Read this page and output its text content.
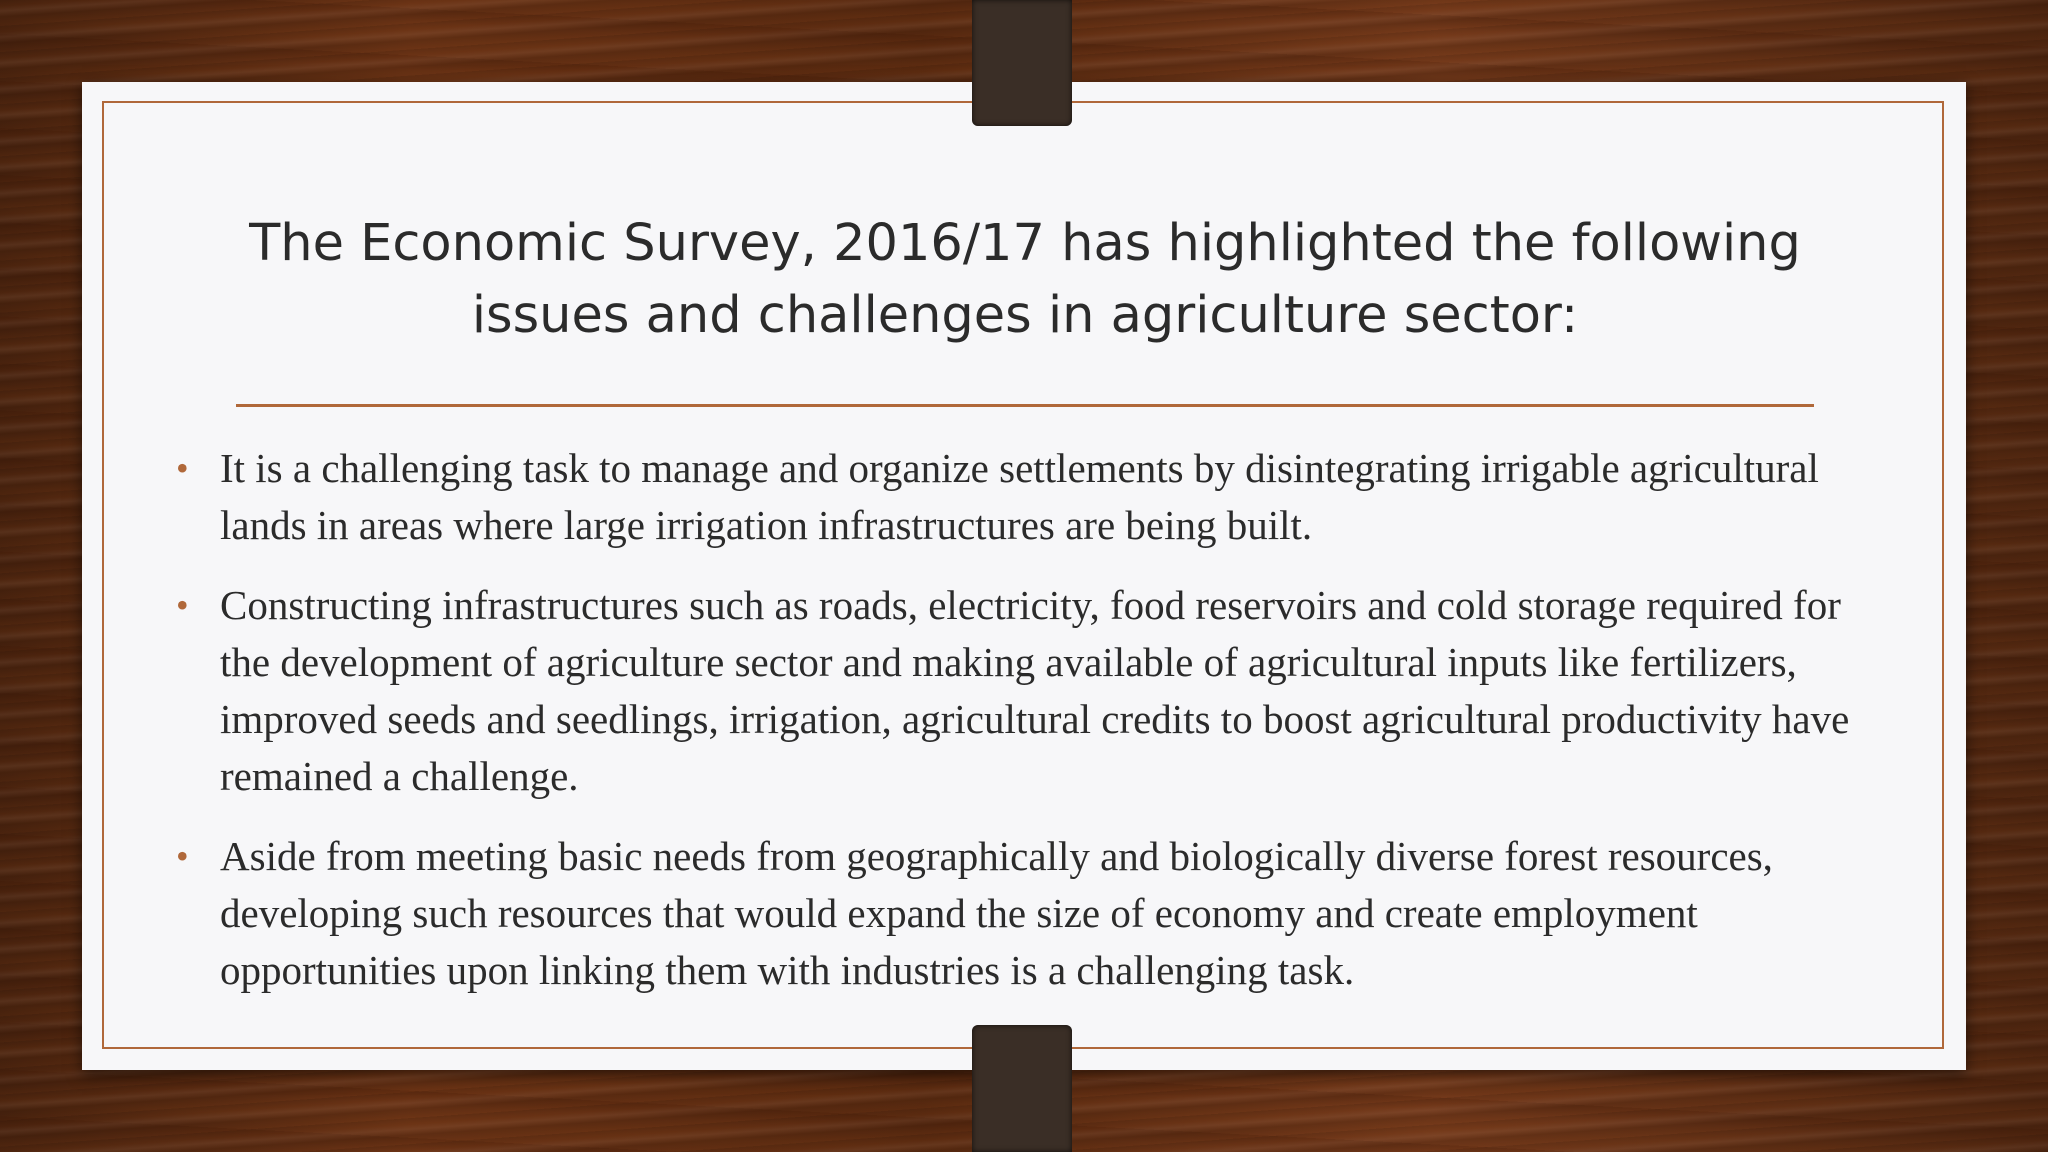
The Economic Survey, 2016/17 has highlighted the following
issues and challenges in agriculture sector:
• It is a challenging task to manage and organize settlements by disintegrating irrigable agricultural lands in areas where large irrigation infrastructures are being built.
• Constructing infrastructures such as roads, electricity, food reservoirs and cold storage required for the development of agriculture sector and making available of agricultural inputs like fertilizers, improved seeds and seedlings, irrigation, agricultural credits to boost agricultural productivity have remained a challenge.
• Aside from meeting basic needs from geographically and biologically diverse forest resources, developing such resources that would expand the size of economy and create employment opportunities upon linking them with industries is a challenging task.
